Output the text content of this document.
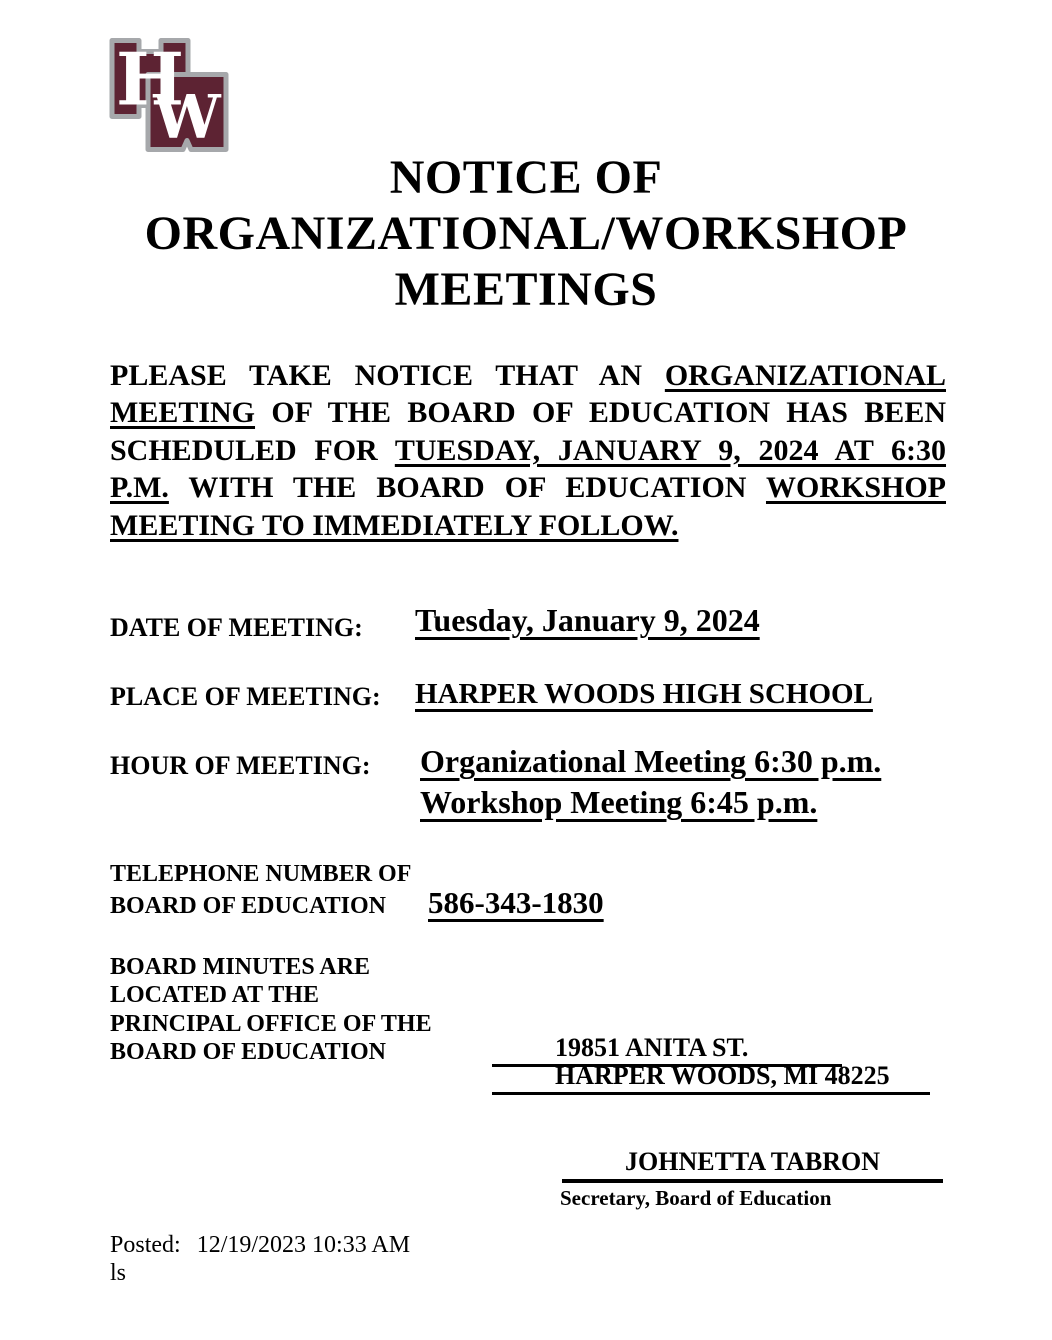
H
W
NOTICE OF
ORGANIZATIONAL/WORKSHOP
MEETINGS
PLEASE TAKE NOTICE THAT AN ORGANIZATIONAL
MEETING OF THE BOARD OF EDUCATION HAS BEEN
SCHEDULED FOR TUESDAY, JANUARY 9, 2024 AT 6:30
P.M. WITH THE BOARD OF EDUCATION WORKSHOP
MEETING TO IMMEDIATELY FOLLOW.
DATE OF MEETING: Tuesday, January 9, 2024
PLACE OF MEETING: HARPER WOODS HIGH SCHOOL
HOUR OF MEETING: Organizational Meeting 6:30 p.m.
Workshop Meeting 6:45 p.m.
TELEPHONE NUMBER OF
BOARD OF EDUCATION	586-343-1830
BOARD MINUTES ARE
LOCATED AT THE
PRINCIPAL OFFICE OF THE
BOARD OF EDUCATION	19851 ANITA ST.
HARPER WOODS, MI 48225
JOHNETTA TABRON
Secretary, Board of Education
Posted: 12/19/2023 10:33 AM
ls
